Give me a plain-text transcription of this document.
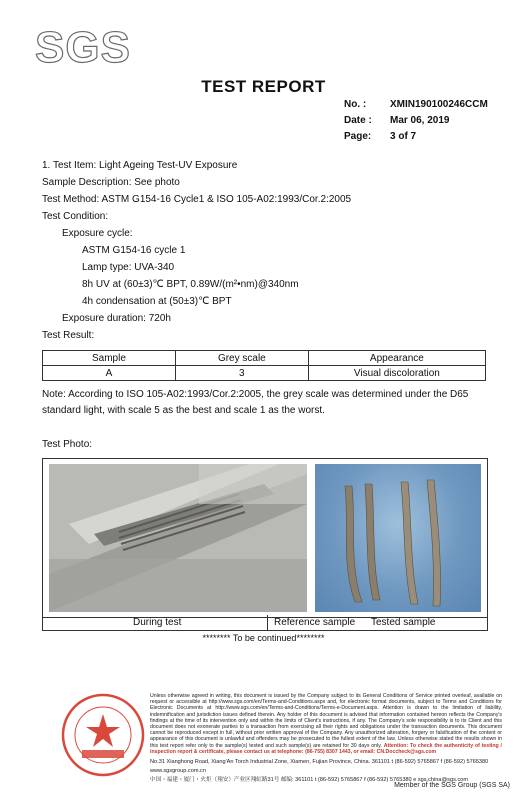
SGS
TEST REPORT
No. :	XMIN190100246CCM
Date :	Mar 06, 2019
Page:	3 of 7
1. Test Item: Light Ageing Test-UV Exposure
Sample Description: See photo
Test Method: ASTM G154-16 Cycle1 & ISO 105-A02:1993/Cor.2:2005
Test Condition:
Exposure cycle:
ASTM G154-16 cycle 1
Lamp type: UVA-340
8h UV at (60±3)℃ BPT, 0.89W/(m²•nm)@340nm
4h condensation at (50±3)℃ BPT
Exposure duration: 720h
Test Result:
Sample	Grey scale	Appearance
A	3	Visual discoloration
Note: According to ISO 105-A02:1993/Cor.2:2005, the grey scale was determined under the D65 standard light, with scale 5 as the best and scale 1 as the worst.
Test Photo:
During test	Reference sample Tested sample
******** To be continued********
Unless otherwise agreed in writing, this document is issued by the Company subject to its General Conditions of Service printed overleaf, available on request or accessible at http://www.sgs.com/en/Terms-and-Conditions.aspx and, for electronic format documents, subject to Terms and Conditions for Electronic Documents at http://www.sgs.com/en/Terms-and-Conditions/Terms-e-Document.aspx. Attention is drawn to the limitation of liability, indemnification and jurisdiction issues defined therein. Any holder of this document is advised that information contained hereon reflects the Company's findings at the time of its intervention only and within the limits of Client's instructions, if any. The Company's sole responsibility is to its Client and this document does not exonerate parties to a transaction from exercising all their rights and obligations under the transaction documents. This document cannot be reproduced except in full, without prior written approval of the Company. Any unauthorized alteration, forgery or falsification of the content or appearance of this document is unlawful and offenders may be prosecuted to the fullest extent of the law. Unless otherwise stated the results shown in this test report refer only to the sample(s) tested and such sample(s) are retained for 30 days only. Attention: To check the authenticity of testing / inspection report & certificate, please contact us at telephone: (86-755) 8307 1443, or email: CN.Doccheck@sgs.com
No.31 Xianghong Road, Xiang'An Torch Industrial Zone, Xiamen, Fujian Province, China. 361101 t (86-592) 5765867 f (86-592) 5765380 www.sgsgroup.com.cn
中国・福建・厦门・火炬（翔安）产业区翔虹路31号 邮编: 361101 t (86-592) 5765867 f (86-592) 5765380 e sgs.china@sgs.com
Member of the SGS Group (SGS SA)
